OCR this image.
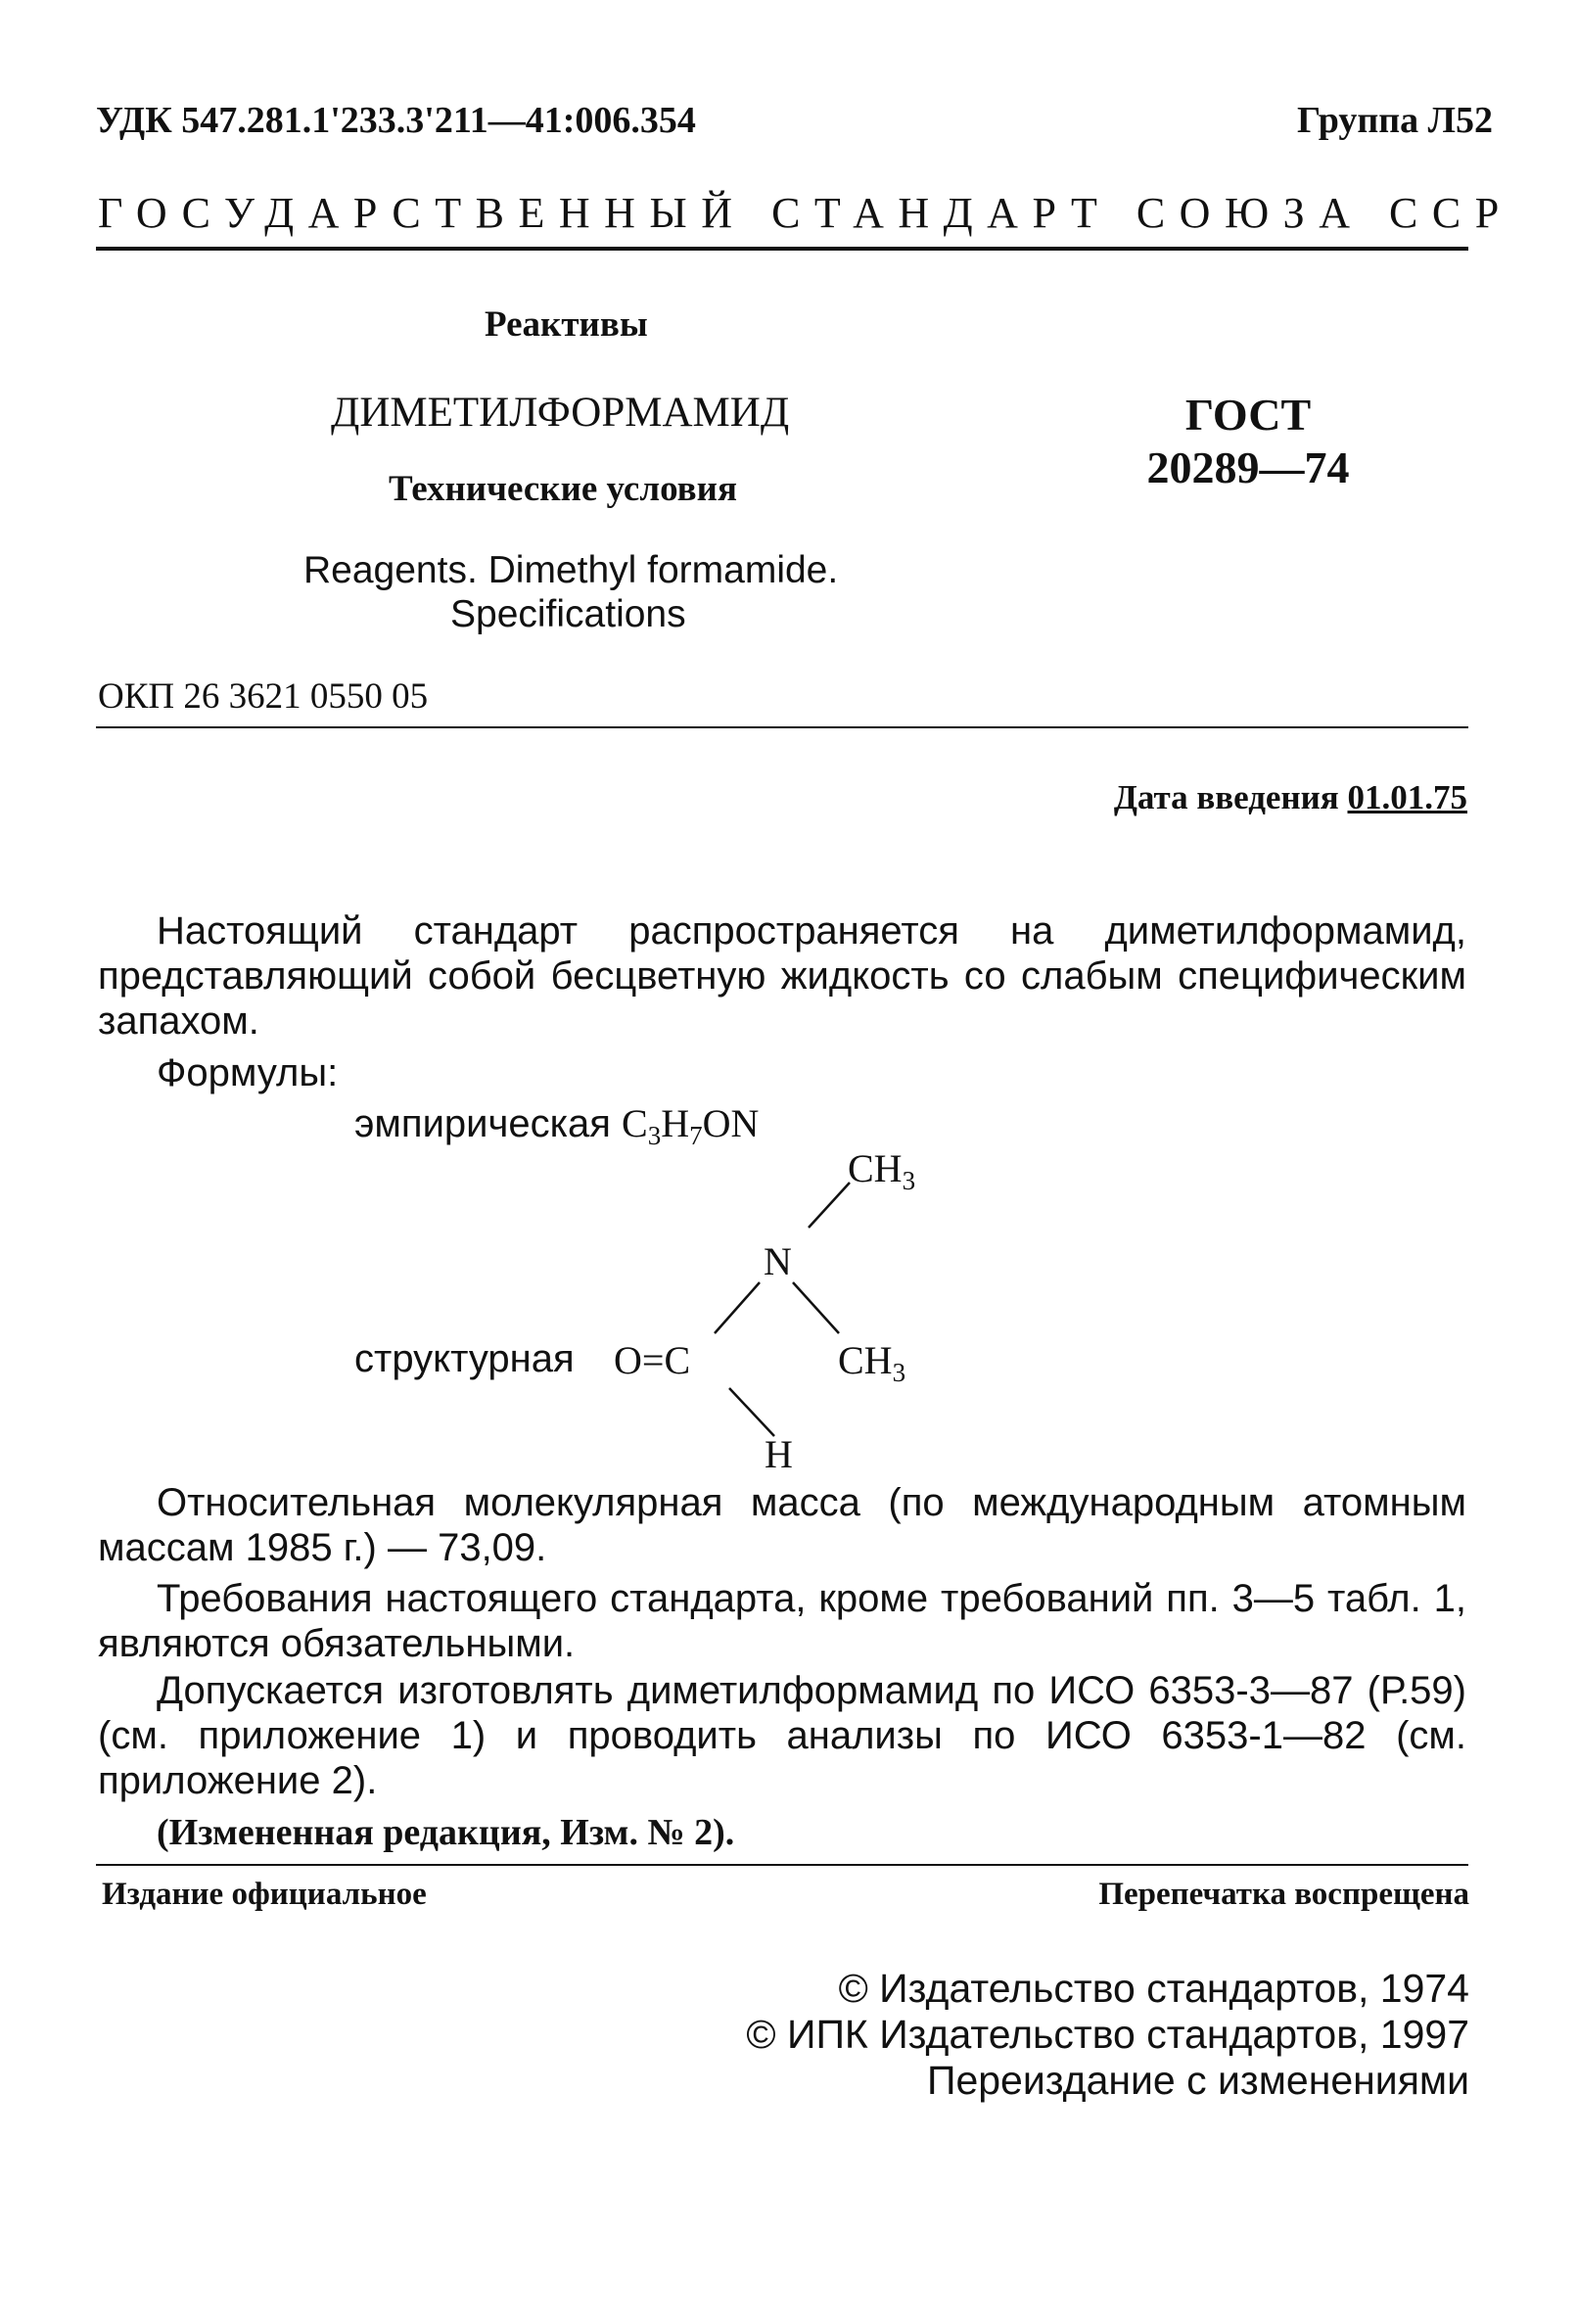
УДК 547.281.1'233.3'211—41:006.354	Группа Л52
ГОСУДАРСТВЕННЫЙ СТАНДАРТ СОЮЗА ССР
Реактивы
ДИМЕТИЛФОРМАМИД
Технические условия
ГОСТ
20289—74
Reagents. Dimethyl formamide.
Specifications
ОКП 26 3621 0550 05
Дата введения 01.01.75

Настоящий стандарт распространяется на диметилформамид, представляющий собой бесцветную жидкость со слабым специфическим запахом.

Формулы:
эмпирическая $C_3H_7ON$
$CH_3$
N
структурная O=C	$CH_3$
H

Относительная молекулярная масса (по международным атомным массам 1985 г.) — 73,09.

Требования настоящего стандарта, кроме требований пп. 3—5 табл. 1, являются обязательными.

Допускается изготовлять диметилформамид по ИСО 6353-3—87 (Р.59) (см. приложение 1) и проводить анализы по ИСО 6353-1—82 (см. приложение 2).

(Измененная редакция, Изм. № 2).
Издание официальное	Перепечатка воспрещена
© Издательство стандартов, 1974
© ИПК Издательство стандартов, 1997
Переиздание с изменениями
